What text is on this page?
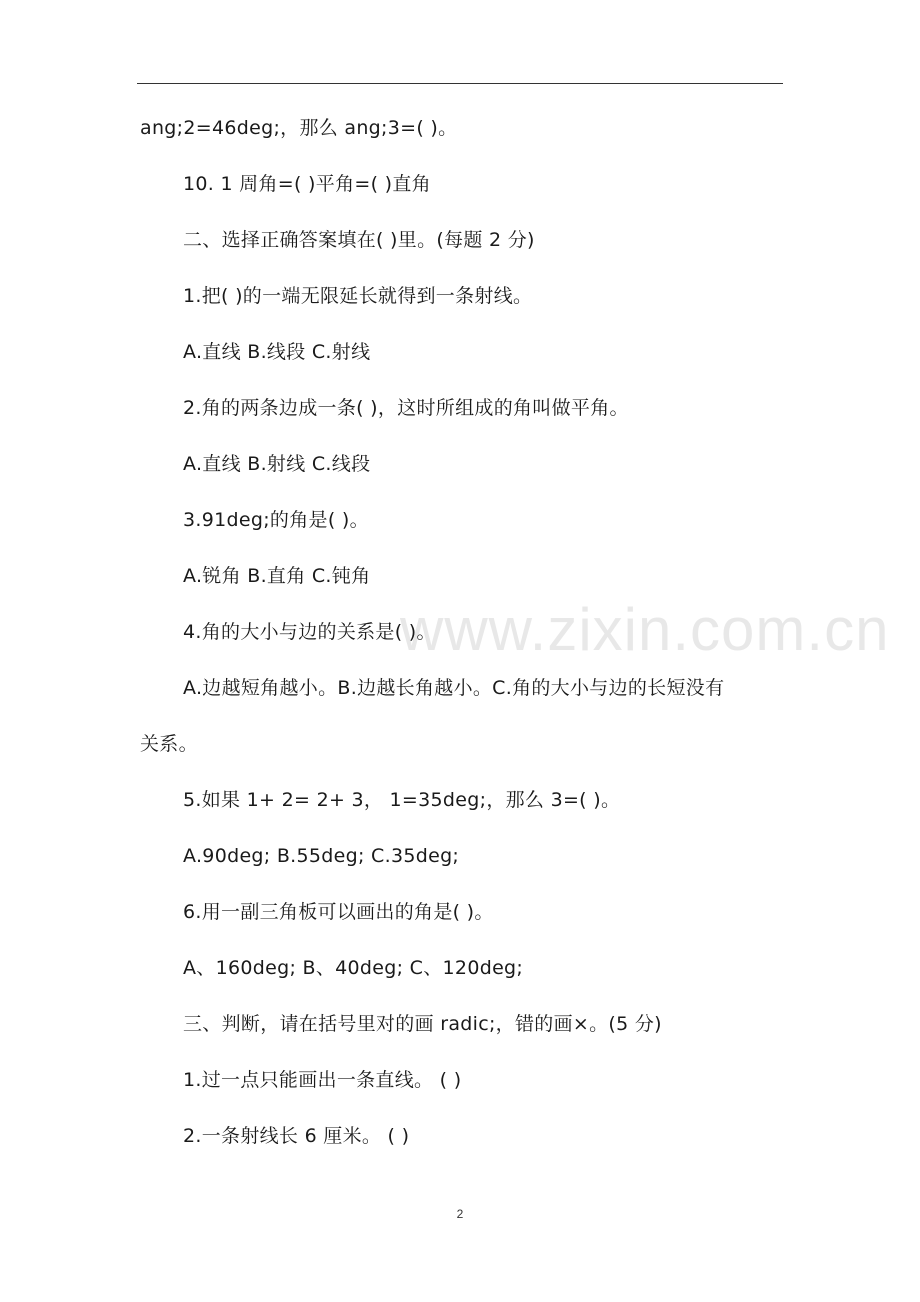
www.zixin.com.cn
ang;2=46deg;，那么 ang;3=( )。
10. 1 周角=( )平角=( )直角
二、选择正确答案填在( )里。(每题 2 分)
1.把( )的一端无限延长就得到一条射线。
A.直线 B.线段 C.射线
2.角的两条边成一条( )，这时所组成的角叫做平角。
A.直线 B.射线 C.线段
3.91deg;的角是( )。
A.锐角 B.直角 C.钝角
4.角的大小与边的关系是( )。
A.边越短角越小。B.边越长角越小。C.角的大小与边的长短没有
关系。
5.如果 1+ 2= 2+ 3， 1=35deg;，那么 3=( )。
A.90deg; B.55deg; C.35deg;
6.用一副三角板可以画出的角是( )。
A、160deg; B、40deg; C、120deg;
三、判断，请在括号里对的画 radic;，错的画×。(5 分)
1.过一点只能画出一条直线。 ( )
2.一条射线长 6 厘米。 ( )
2
